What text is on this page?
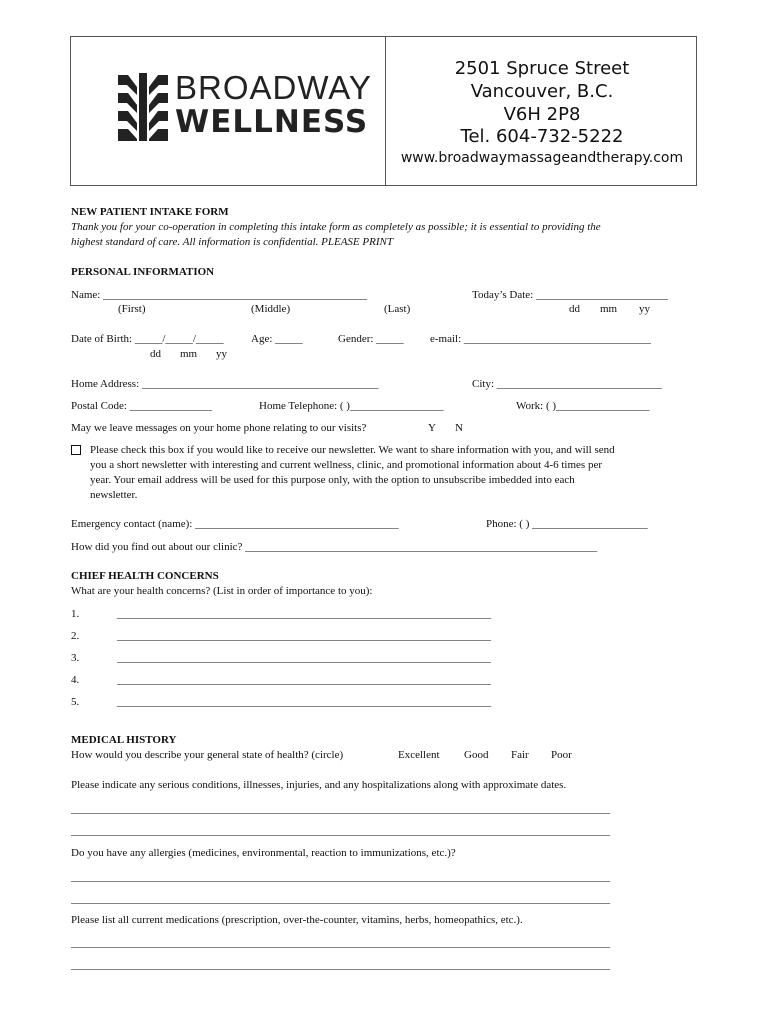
BROADWAY
WELLNESS
2501 Spruce Street
Vancouver, B.C.
V6H 2P8
Tel. 604-732-5222
www.broadwaymassageandtherapy.com
NEW PATIENT INTAKE FORM
Thank you for your co-operation in completing this intake form as completely as possible; it is essential to providing the
highest standard of care. All information is confidential. PLEASE PRINT
PERSONAL INFORMATION
Name: ________________________________________________	Today’s Date: ________________________
(First)	(Middle)	(Last)	dd mm yy
Date of Birth: _____/_____/_____	Age: _____	Gender: _____ e-mail: __________________________________
dd mm yy
Home Address: ___________________________________________	City: ______________________________
Postal Code: _______________	Home Telephone: ( )_________________	Work: ( )_________________
May we leave messages on your home phone relating to our visits?	Y N
Please check this box if you would like to receive our newsletter. We want to share information with you, and will send
you a short newsletter with interesting and current wellness, clinic, and promotional information about 4-6 times per
year. Your email address will be used for this purpose only, with the option to unsubscribe imbedded into each
newsletter.
Emergency contact (name): _____________________________________	Phone: ( ) _____________________
How did you find out about our clinic? ________________________________________________________________
CHIEF HEALTH CONCERNS
What are your health concerns? (List in order of importance to you):
1.	____________________________________________________________________
2.	____________________________________________________________________
3.	____________________________________________________________________
4.	____________________________________________________________________
5.	____________________________________________________________________
MEDICAL HISTORY
How would you describe your general state of health? (circle)	Excellent Good Fair Poor
Please indicate any serious conditions, illnesses, injuries, and any hospitalizations along with approximate dates.
__________________________________________________________________________________________________
__________________________________________________________________________________________________
Do you have any allergies (medicines, environmental, reaction to immunizations, etc.)?
__________________________________________________________________________________________________
__________________________________________________________________________________________________
Please list all current medications (prescription, over-the-counter, vitamins, herbs, homeopathics, etc.).
__________________________________________________________________________________________________
__________________________________________________________________________________________________
